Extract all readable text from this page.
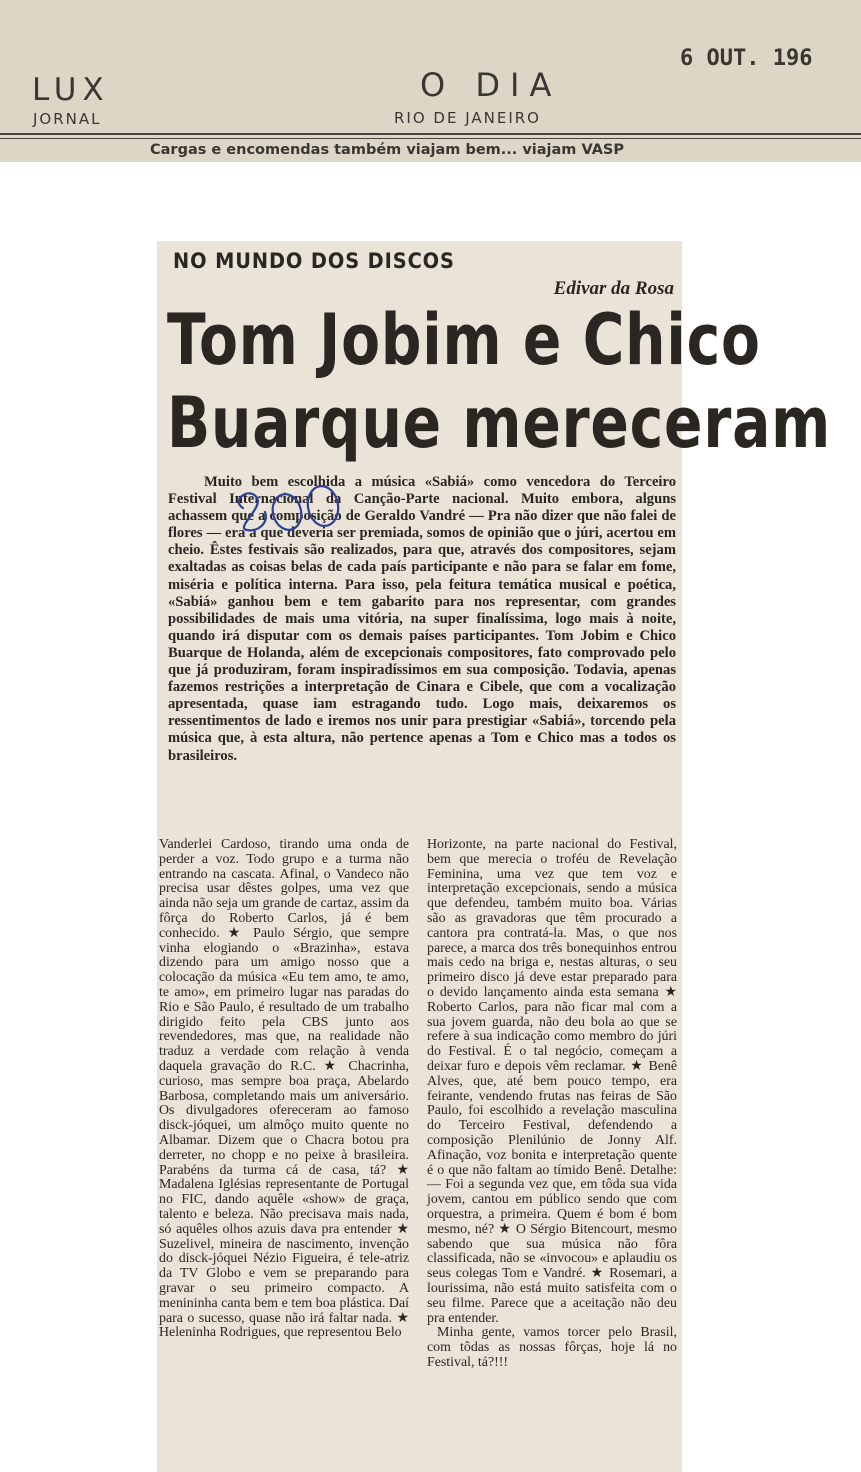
LUX
JORNAL
O DIA
RIO DE JANEIRO
6 OUT. 196
Cargas e encomendas também viajam bem... viajam VASP
NO MUNDO DOS DISCOS
Edivar da Rosa
Tom Jobim e Chico
Buarque mereceram
Muito bem escolhida a música «Sabiá» como vencedora do Terceiro Festival Internacional da Canção-Parte nacional. Muito embora, alguns achassem que a composição de Geraldo Vandré — Pra não dizer que não falei de flores — era a que deveria ser premiada, somos de opinião que o júri, acertou em cheio. Êstes festivais são realizados, para que, através dos compositores, sejam exaltadas as coisas belas de cada país participante e não para se falar em fome, miséria e política interna. Para isso, pela feitura temática musical e poética, «Sabiá» ganhou bem e tem gabarito para nos representar, com grandes possibilidades de mais uma vitória, na super finalíssima, logo mais à noite, quando irá disputar com os demais países participantes. Tom Jobim e Chico Buarque de Holanda, além de excepcionais compositores, fato comprovado pelo que já produziram, foram inspiradíssimos em sua composição. Todavia, apenas fazemos restrições a interpretação de Cinara e Cibele, que com a vocalização apresentada, quase iam estragando tudo. Logo mais, deixaremos os ressentimentos de lado e iremos nos unir para prestigiar «Sabiá», torcendo pela música que, à esta altura, não pertence apenas a Tom e Chico mas a todos os brasileiros.

Vanderlei Cardoso, tirando uma onda de perder a voz. Todo grupo e a turma não entrando na cascata. Afinal, o Vandeco não precisa usar dêstes golpes, uma vez que ainda não seja um grande de cartaz, assim da fôrça do Roberto Carlos, já é bem conhecido. ★ Paulo Sérgio, que sempre vinha elogiando o «Brazinha», estava dizendo para um amigo nosso que a colocação da música «Eu tem amo, te amo, te amo», em primeiro lugar nas paradas do Rio e São Paulo, é resultado de um trabalho dirigido feito pela CBS junto aos revendedores, mas que, na realidade não traduz a verdade com relação à venda daquela gravação do R.C. ★ Chacrinha, curioso, mas sempre boa praça, Abelardo Barbosa, completando mais um aniversário. Os divulgadores ofereceram ao famoso disck-jóquei, um almôço muito quente no Albamar. Dizem que o Chacra botou pra derreter, no chopp e no peixe à brasileira. Parabéns da turma cá de casa, tá? ★ Madalena Iglésias representante de Portugal no FIC, dando aquêle «show» de graça, talento e beleza. Não precisava mais nada, só aquêles olhos azuis dava pra entender ★ Suzelivel, mineira de nascimento, invenção do disck-jóquei Nézio Figueira, é tele-atriz da TV Globo e vem se preparando para gravar o seu primeiro compacto. A menininha canta bem e tem boa plástica. Daí para o sucesso, quase não irá faltar nada. ★ Heleninha Rodrigues, que representou Belo

Horizonte, na parte nacional do Festival, bem que merecia o troféu de Revelação Feminina, uma vez que tem voz e interpretação excepcionais, sendo a música que defendeu, também muito boa. Várias são as gravadoras que têm procurado a cantora pra contratá-la. Mas, o que nos parece, a marca dos três bonequinhos entrou mais cedo na briga e, nestas alturas, o seu primeiro disco já deve estar preparado para o devido lançamento ainda esta semana ★ Roberto Carlos, para não ficar mal com a sua jovem guarda, não deu bola ao que se refere à sua indicação como membro do júri do Festival. É o tal negócio, começam a deixar furo e depois vêm reclamar. ★ Benê Alves, que, até bem pouco tempo, era feirante, vendendo frutas nas feiras de São Paulo, foi escolhido a revelação masculina do Terceiro Festival, defendendo a composição Plenilúnio de Jonny Alf. Afinação, voz bonita e interpretação quente é o que não faltam ao tímido Benê. Detalhe: — Foi a segunda vez que, em tôda sua vida jovem, cantou em público sendo que com orquestra, a primeira. Quem é bom é bom mesmo, né? ★ O Sérgio Bitencourt, mesmo sabendo que sua música não fôra classificada, não se «invocou» e aplaudiu os seus colegas Tom e Vandré. ★ Rosemari, a lourissima, não está muito satisfeita com o seu filme. Parece que a aceitação não deu pra entender.

Minha gente, vamos torcer pelo Brasil, com tôdas as nossas fôrças, hoje lá no Festival, tá?!!!
